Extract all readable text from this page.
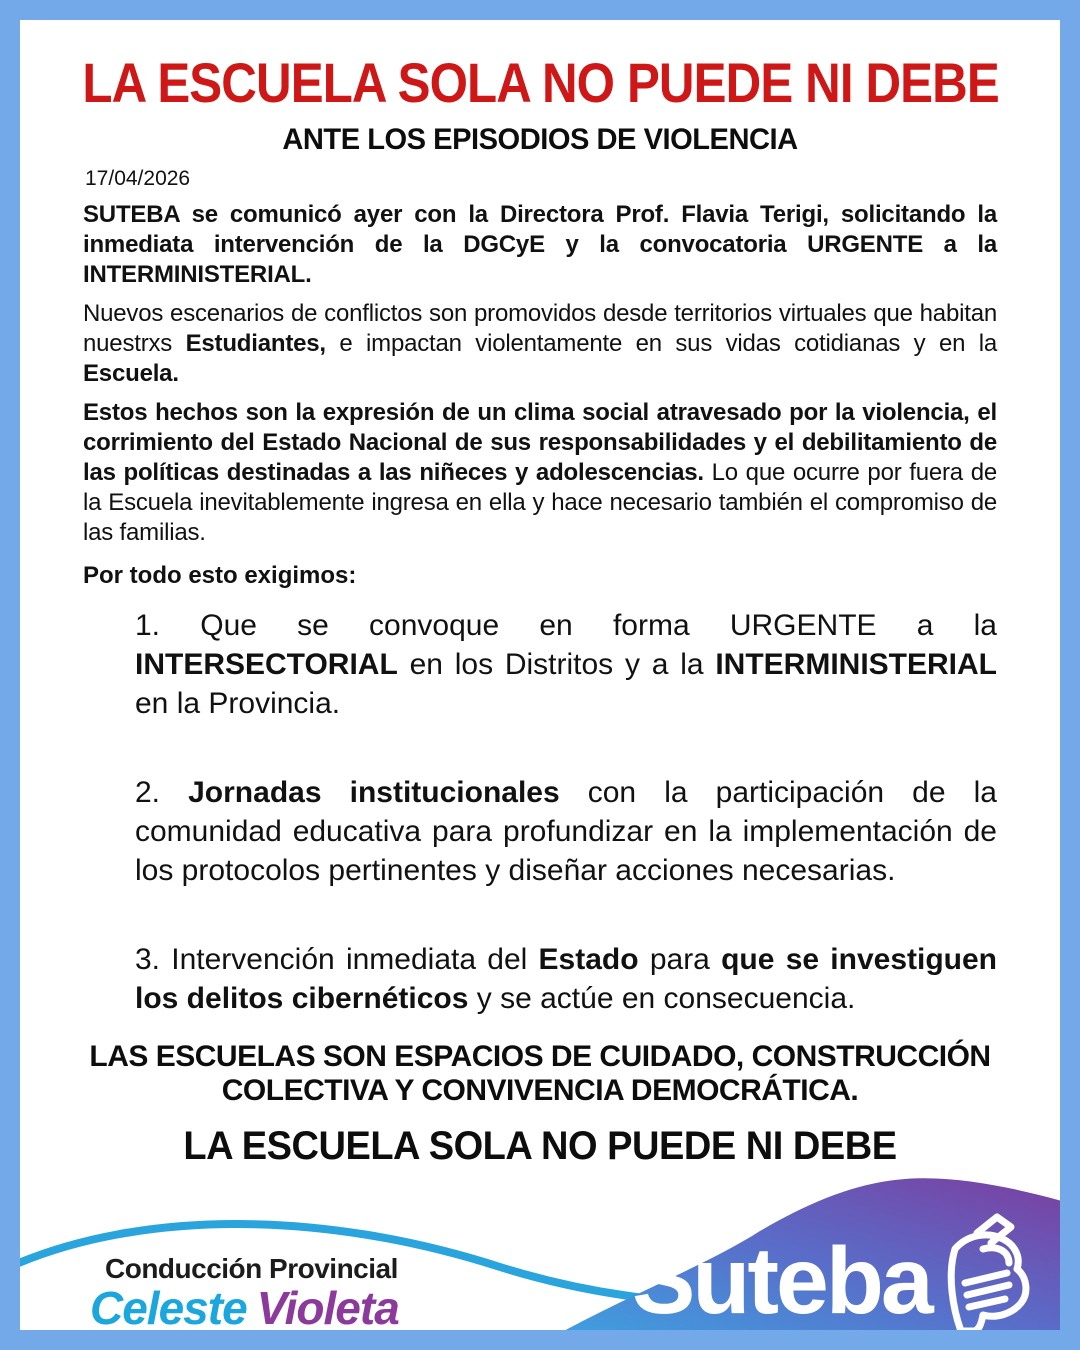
LA ESCUELA SOLA NO PUEDE NI DEBE
ANTE LOS EPISODIOS DE VIOLENCIA
17/04/2026
SUTEBA se comunicó ayer con la Directora Prof. Flavia Terigi, solicitando la inmediata intervención de la DGCyE y la convocatoria URGENTE a la INTERMINISTERIAL.
Nuevos escenarios de conflictos son promovidos desde territorios virtuales que habitan nuestrxs Estudiantes, e impactan violentamente en sus vidas cotidianas y en la Escuela.
Estos hechos son la expresión de un clima social atravesado por la violencia, el corrimiento del Estado Nacional de sus responsabilidades y el debilitamiento de las políticas destinadas a las niñeces y adolescencias. Lo que ocurre por fuera de la Escuela inevitablemente ingresa en ella y hace necesario también el compromiso de las familias.
Por todo esto exigimos:
1. Que se convoque en forma URGENTE a la INTERSECTORIAL en los Distritos y a la INTERMINISTERIAL en la Provincia.
2. Jornadas institucionales con la participación de la comunidad educativa para profundizar en la implementación de los protocolos pertinentes y diseñar acciones necesarias.
3. Intervención inmediata del Estado para que se investiguen los delitos cibernéticos y se actúe en consecuencia.
LAS ESCUELAS SON ESPACIOS DE CUIDADO, CONSTRUCCIÓN COLECTIVA Y CONVIVENCIA DEMOCRÁTICA.
LA ESCUELA SOLA NO PUEDE NI DEBE
Conducción Provincial
Celeste Violeta Suteba
